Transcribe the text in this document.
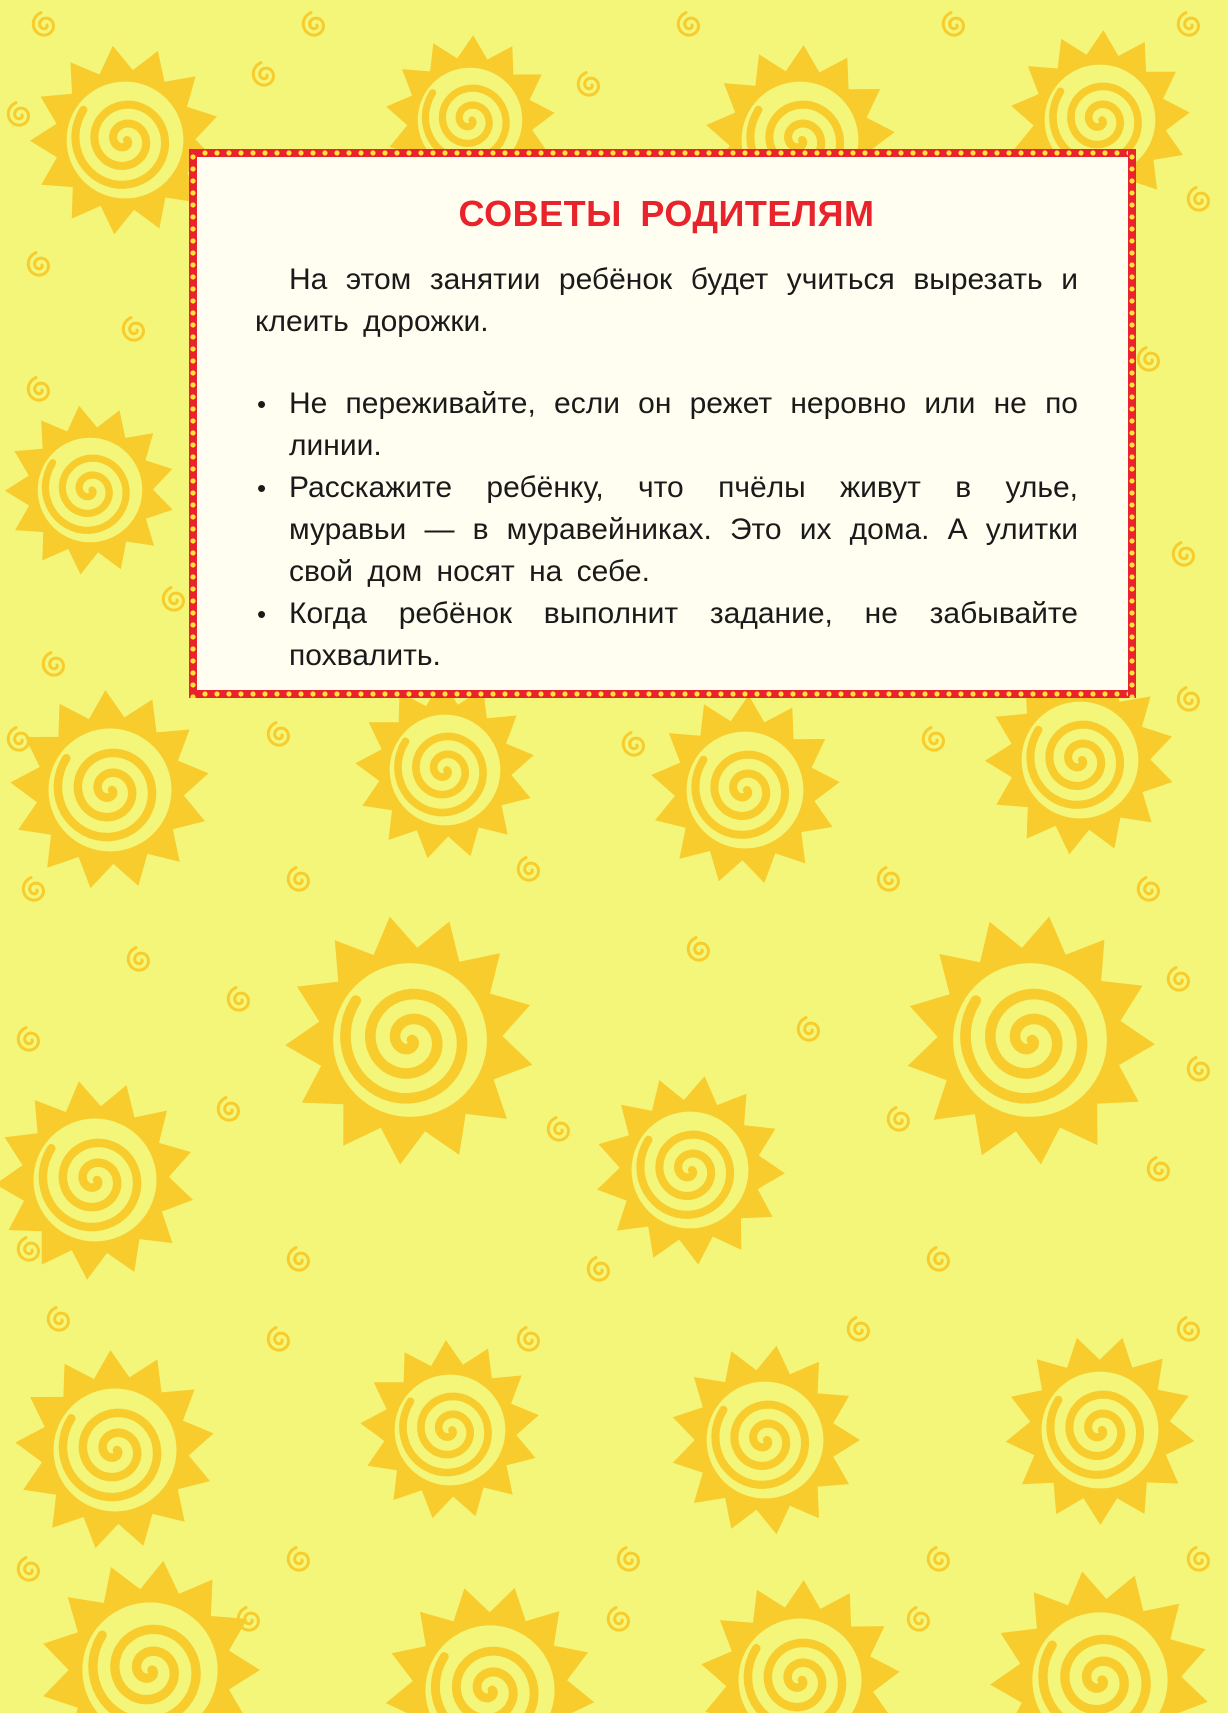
СОВЕТЫ РОДИТЕЛЯМ

На этом занятии ребёнок будет учиться вырезать и клеить дорожки.

• Не переживайте, если он режет неровно или не по линии.
• Расскажите ребёнку, что пчёлы живут в улье, муравьи — в муравейниках. Это их дома. А улитки свой дом носят на себе.
• Когда ребёнок выполнит задание, не забывайте похвалить.
